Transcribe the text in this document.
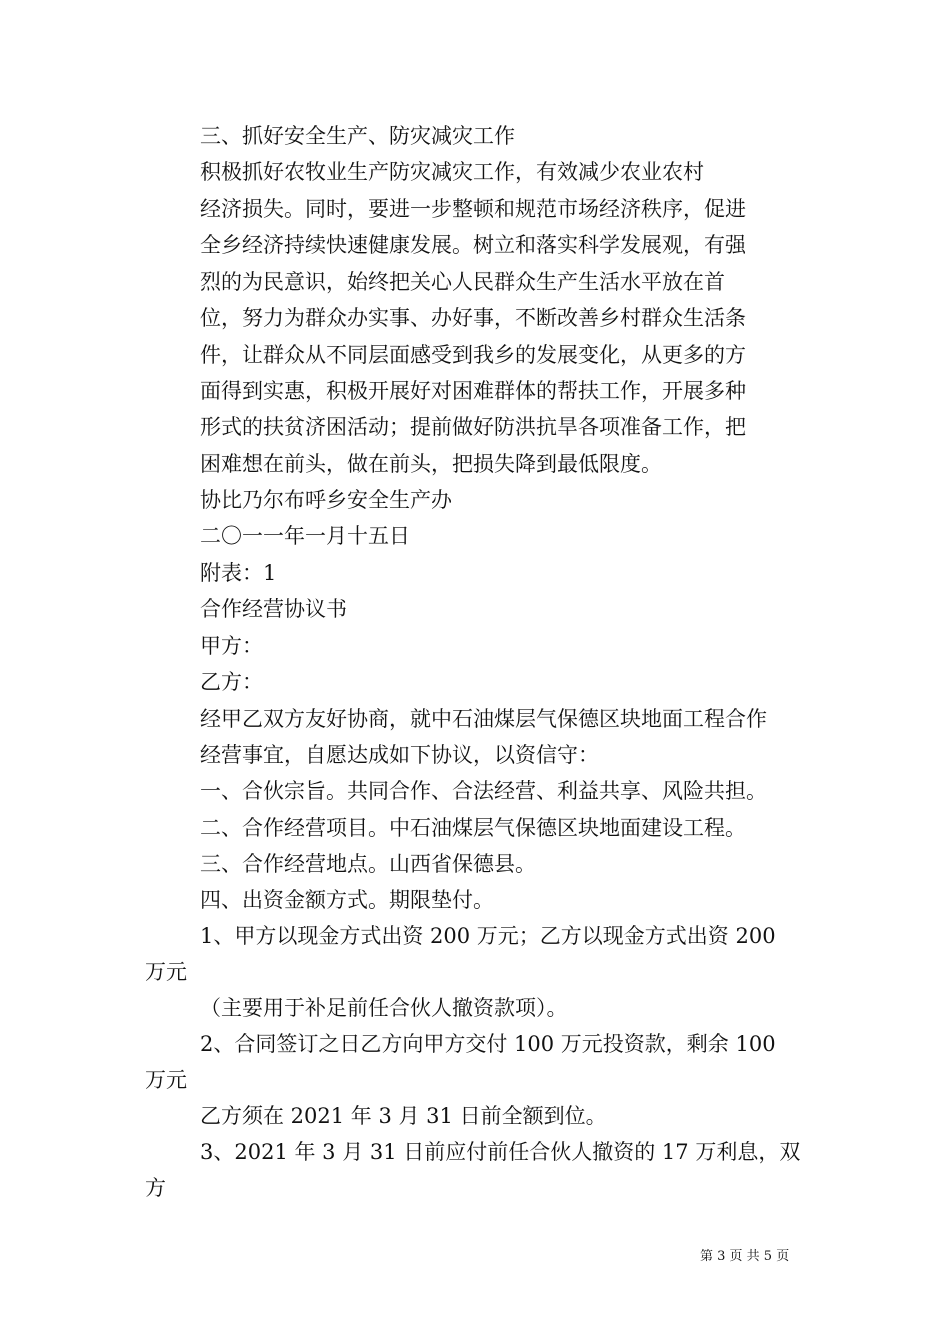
三、抓好安全生产、防灾减灾工作
积极抓好农牧业生产防灾减灾工作，有效减少农业农村
经济损失。同时，要进一步整顿和规范市场经济秩序，促进
全乡经济持续快速健康发展。树立和落实科学发展观，有强
烈的为民意识，始终把关心人民群众生产生活水平放在首
位，努力为群众办实事、办好事，不断改善乡村群众生活条
件，让群众从不同层面感受到我乡的发展变化，从更多的方
面得到实惠，积极开展好对困难群体的帮扶工作，开展多种
形式的扶贫济困活动；提前做好防洪抗旱各项准备工作，把
困难想在前头，做在前头，把损失降到最低限度。
协比乃尔布呼乡安全生产办
二〇一一年一月十五日
附表：1
合作经营协议书
甲方：
乙方：
经甲乙双方友好协商，就中石油煤层气保德区块地面工程合作
经营事宜，自愿达成如下协议，以资信守：
一、合伙宗旨。共同合作、合法经营、利益共享、风险共担。
二、合作经营项目。中石油煤层气保德区块地面建设工程。
三、合作经营地点。山西省保德县。
四、出资金额方式。期限垫付。
1、甲方以现金方式出资 200 万元；乙方以现金方式出资 200
万元
（主要用于补足前任合伙人撤资款项）。
2、合同签订之日乙方向甲方交付 100 万元投资款，剩余 100
万元
乙方须在 2021 年 3 月 31 日前全额到位。
3、2021 年 3 月 31 日前应付前任合伙人撤资的 17 万利息，双
方
第 3 页 共 5 页
